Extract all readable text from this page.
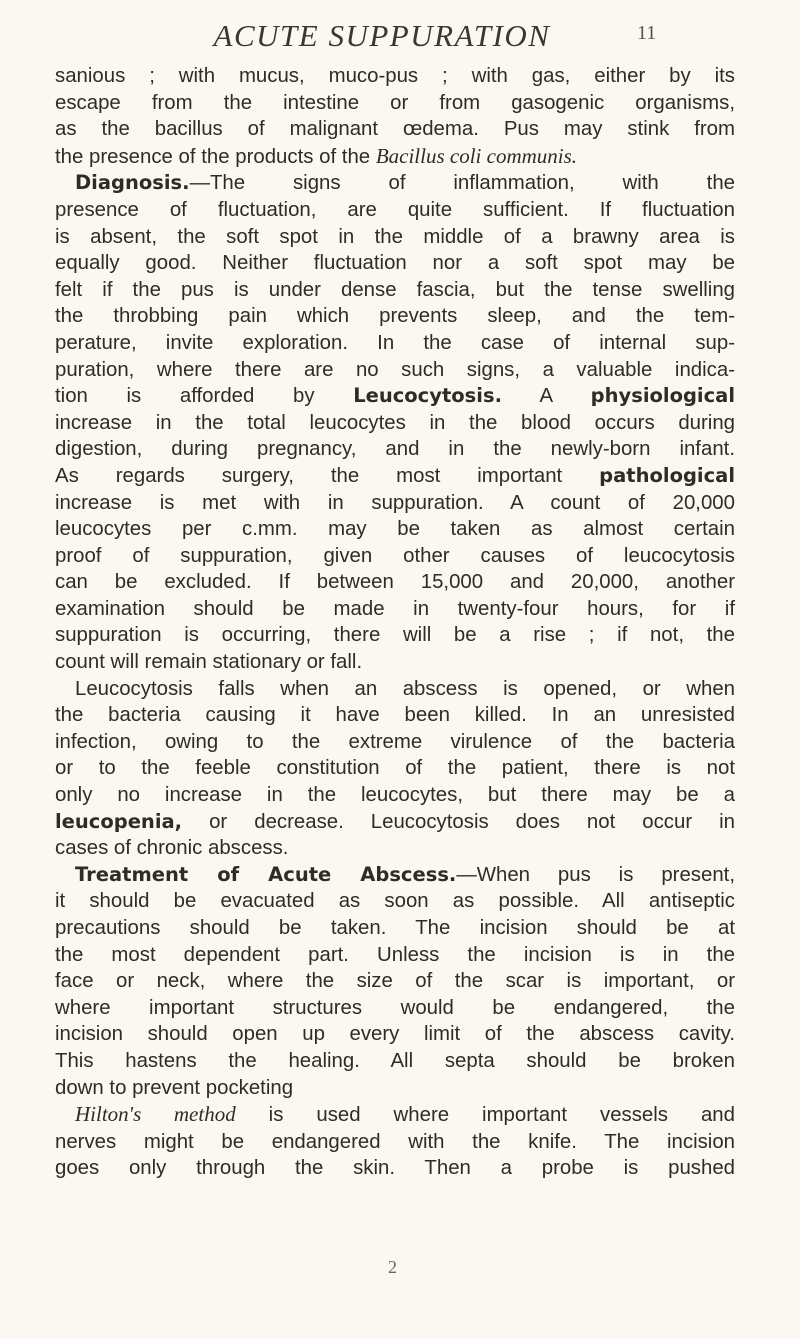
ACUTE SUPPURATION	11
sanious ; with mucus, muco-pus ; with gas, either by its
escape from the intestine or from gasogenic organisms,
as the bacillus of malignant œdema. Pus may stink from
the presence of the products of the Bacillus coli communis.
Diagnosis.—The signs of inflammation, with the
presence of fluctuation, are quite sufficient. If fluctuation
is absent, the soft spot in the middle of a brawny area is
equally good. Neither fluctuation nor a soft spot may be
felt if the pus is under dense fascia, but the tense swelling
the throbbing pain which prevents sleep, and the tem-
perature, invite exploration. In the case of internal sup-
puration, where there are no such signs, a valuable indica-
tion is afforded by Leucocytosis. A physiological
increase in the total leucocytes in the blood occurs during
digestion, during pregnancy, and in the newly-born infant.
As regards surgery, the most important pathological
increase is met with in suppuration. A count of 20,000
leucocytes per c.mm. may be taken as almost certain
proof of suppuration, given other causes of leucocytosis
can be excluded. If between 15,000 and 20,000, another
examination should be made in twenty-four hours, for if
suppuration is occurring, there will be a rise ; if not, the
count will remain stationary or fall.
Leucocytosis falls when an abscess is opened, or when
the bacteria causing it have been killed. In an unresisted
infection, owing to the extreme virulence of the bacteria
or to the feeble constitution of the patient, there is not
only no increase in the leucocytes, but there may be a
leucopenia, or decrease. Leucocytosis does not occur in
cases of chronic abscess.
Treatment of Acute Abscess.—When pus is present,
it should be evacuated as soon as possible. All antiseptic
precautions should be taken. The incision should be at
the most dependent part. Unless the incision is in the
face or neck, where the size of the scar is important, or
where important structures would be endangered, the
incision should open up every limit of the abscess cavity.
This hastens the healing. All septa should be broken
down to prevent pocketing
Hilton's method is used where important vessels and
nerves might be endangered with the knife. The incision
goes only through the skin. Then a probe is pushed
2
